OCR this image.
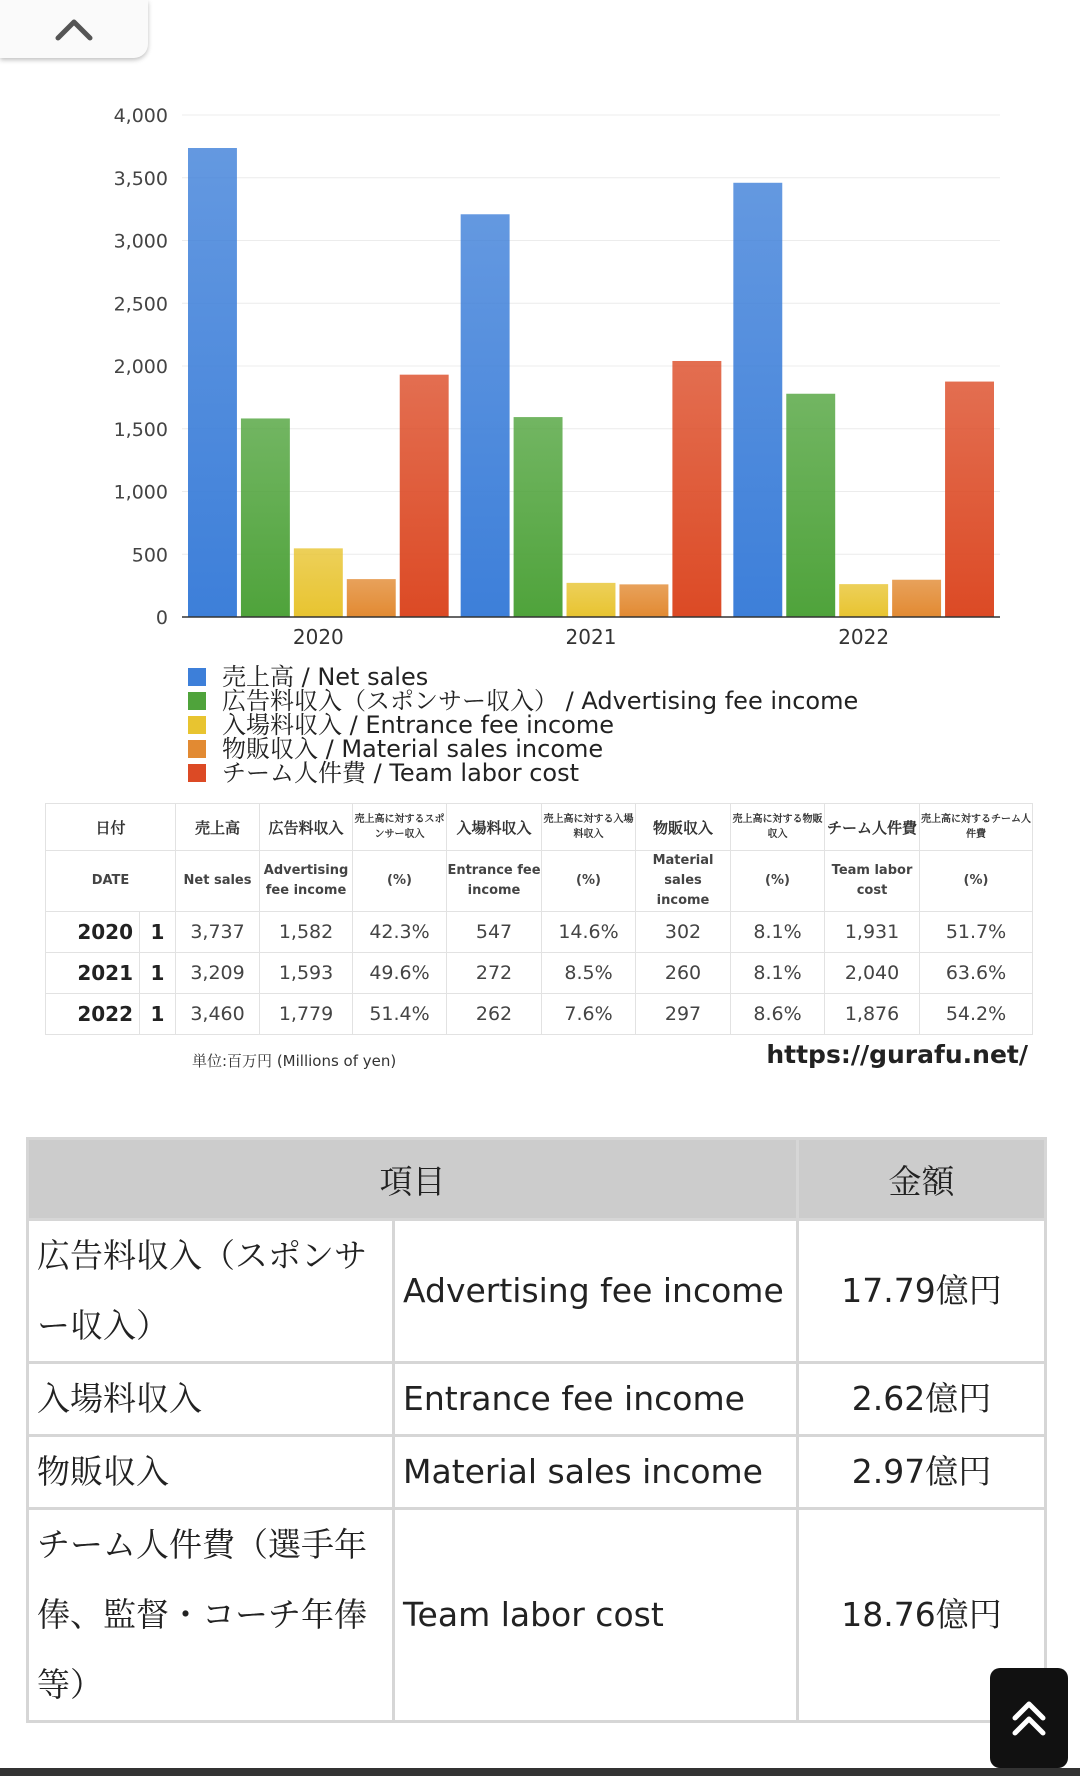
0
500
1,000
1,500
2,000
2,500
3,000
3,500
4,000
2020	2021	2022
売上高 / Net sales
広告料収入（スポンサー収入） / Advertising fee income
入場料収入 / Entrance fee income
物販収入 / Material sales income
チーム人件費 / Team labor cost
日付		売上高	広告料収入	売上高に対するスポンサー収入	入場料収入	売上高に対する入場料収入	物販収入	売上高に対する物販収入	チーム人件費	売上高に対するチーム人件費
DATE		Net sales	Advertising fee income	(%)	Entrance fee income	(%)	Material sales income	(%)	Team labor cost	(%)
2020	1	3,737	1,582	42.3%	547	14.6%	302	8.1%	1,931	51.7%
2021	1	3,209	1,593	49.6%	272	8.5%	260	8.1%	2,040	63.6%
2022	1	3,460	1,779	51.4%	262	7.6%	297	8.6%	1,876	54.2%
単位:百万円 (Millions of yen)	https://gurafu.net/
項目		金額
広告料収入（スポンサー収入）	Advertising fee income	17.79億円
入場料収入	Entrance fee income	2.62億円
物販収入	Material sales income	2.97億円
チーム人件費（選手年俸、監督・コーチ年俸等）	Team labor cost	18.76億円
